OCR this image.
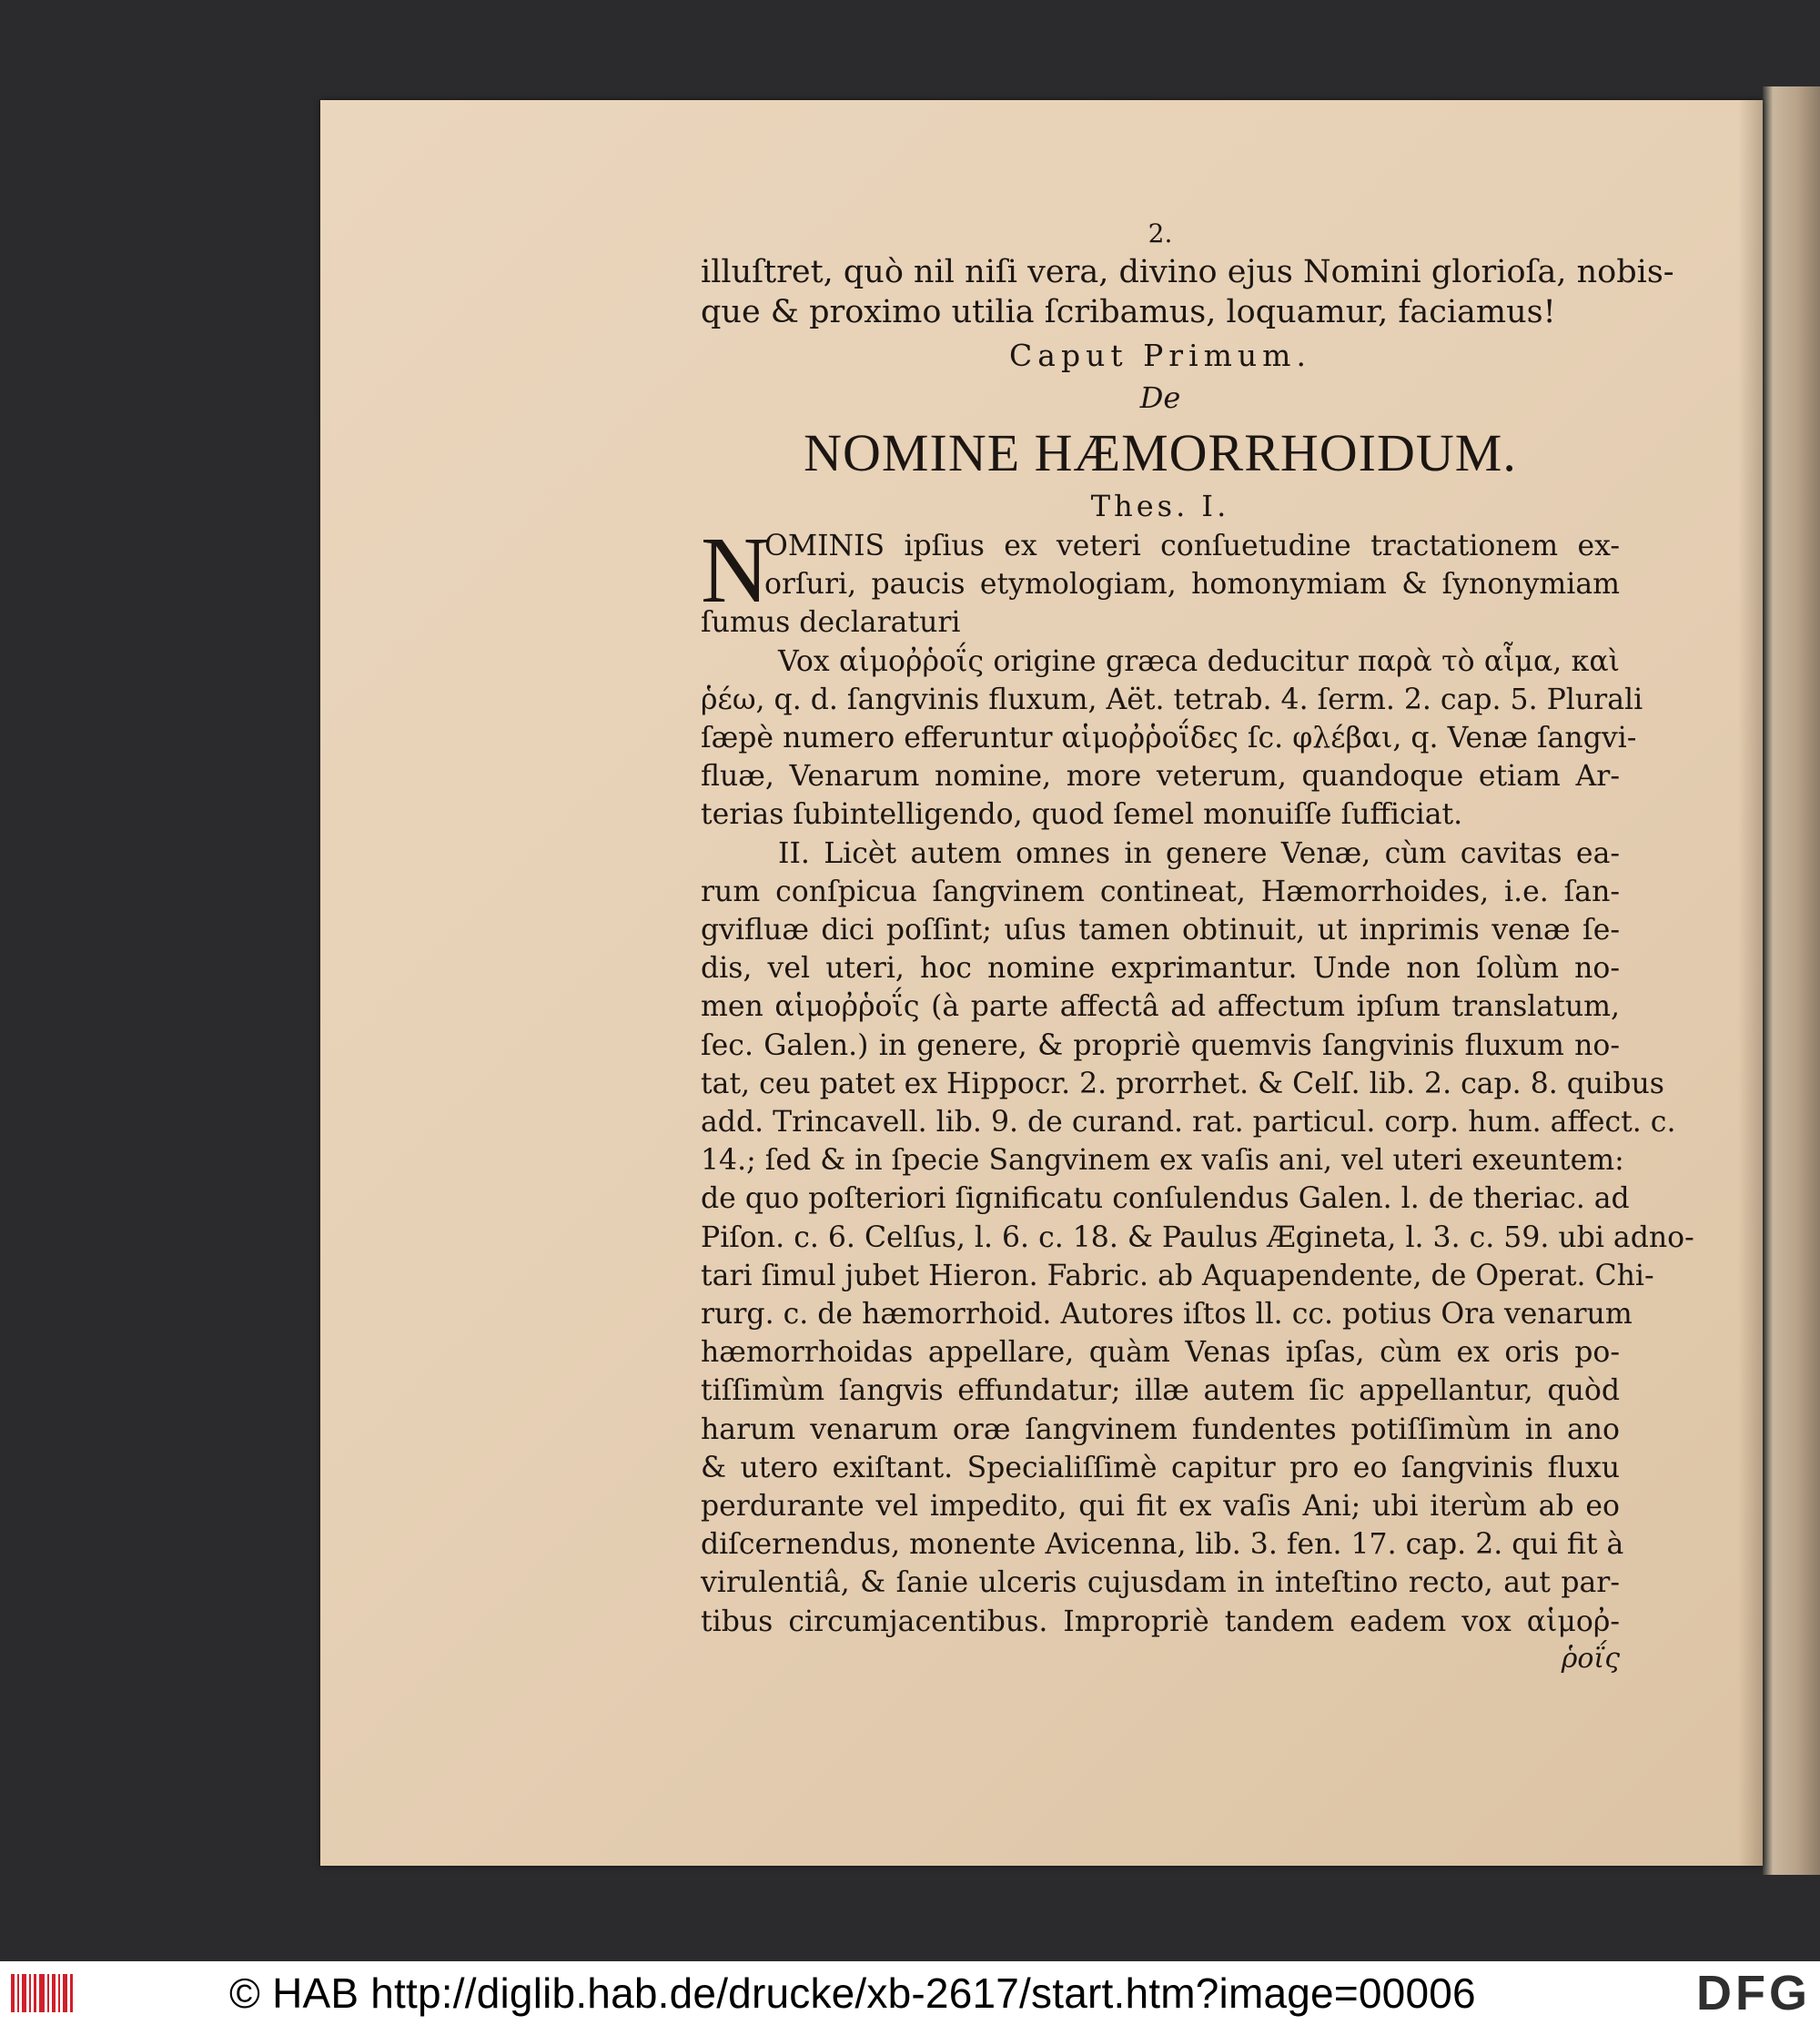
2.
illuſtret, quò nil niſi vera, divino ejus Nomini glorioſa, nobis-
que & proximo utilia ſcribamus, loquamur, faciamus!
Caput Primum.
De
NOMINE HÆMORRHOIDUM.
Thes. I.
N
OMINIS ipſius ex veteri conſuetudine tractationem ex-
orſuri, paucis etymologiam, homonymiam & ſynonymiam
ſumus declaraturi
Vox αἱμοῤῥοΐς origine græca deducitur παρὰ τὸ αἷμα, καὶ
ῥέω, q. d. ſangvinis fluxum, Aët. tetrab. 4. ſerm. 2. cap. 5. Plurali
ſæpè numero efferuntur αἱμοῤῥοΐδες ſc. φλέβαι, q. Venæ ſangvi-
fluæ, Venarum nomine, more veterum, quandoque etiam Ar-
terias ſubintelligendo, quod ſemel monuiſſe ſufficiat.
II. Licèt autem omnes in genere Venæ, cùm cavitas ea-
rum conſpicua ſangvinem contineat, Hæmorrhoides, i.e. ſan-
gvifluæ dici poſſint; uſus tamen obtinuit, ut inprimis venæ ſe-
dis, vel uteri, hoc nomine exprimantur. Unde non ſolùm no-
men αἱμοῤῥοΐς (à parte affectâ ad affectum ipſum translatum,
ſec. Galen.) in genere, & propriè quemvis ſangvinis fluxum no-
tat, ceu patet ex Hippocr. 2. prorrhet. & Celſ. lib. 2. cap. 8. quibus
add. Trincavell. lib. 9. de curand. rat. particul. corp. hum. affect. c.
14.; ſed & in ſpecie Sangvinem ex vaſis ani, vel uteri exeuntem:
de quo poſteriori ſignificatu conſulendus Galen. l. de theriac. ad
Piſon. c. 6. Celſus, l. 6. c. 18. & Paulus Ægineta, l. 3. c. 59. ubi adno-
tari ſimul jubet Hieron. Fabric. ab Aquapendente, de Operat. Chi-
rurg. c. de hæmorrhoid. Autores iſtos ll. cc. potius Ora venarum
hæmorrhoidas appellare, quàm Venas ipſas, cùm ex oris po-
tiſſimùm ſangvis effundatur; illæ autem ſic appellantur, quòd
harum venarum oræ ſangvinem fundentes potiſſimùm in ano
& utero exiſtant. Specialiſſimè capitur pro eo ſangvinis fluxu
perdurante vel impedito, qui fit ex vaſis Ani; ubi iterùm ab eo
diſcernendus, monente Avicenna, lib. 3. fen. 17. cap. 2. qui fit à
virulentiâ, & ſanie ulceris cujusdam in inteſtino recto, aut par-
tibus circumjacentibus. Impropriè tandem eadem vox αἱμοῤ-
ῥοΐς
© HAB http://diglib.hab.de/drucke/xb-2617/start.htm?image=00006	DFG
